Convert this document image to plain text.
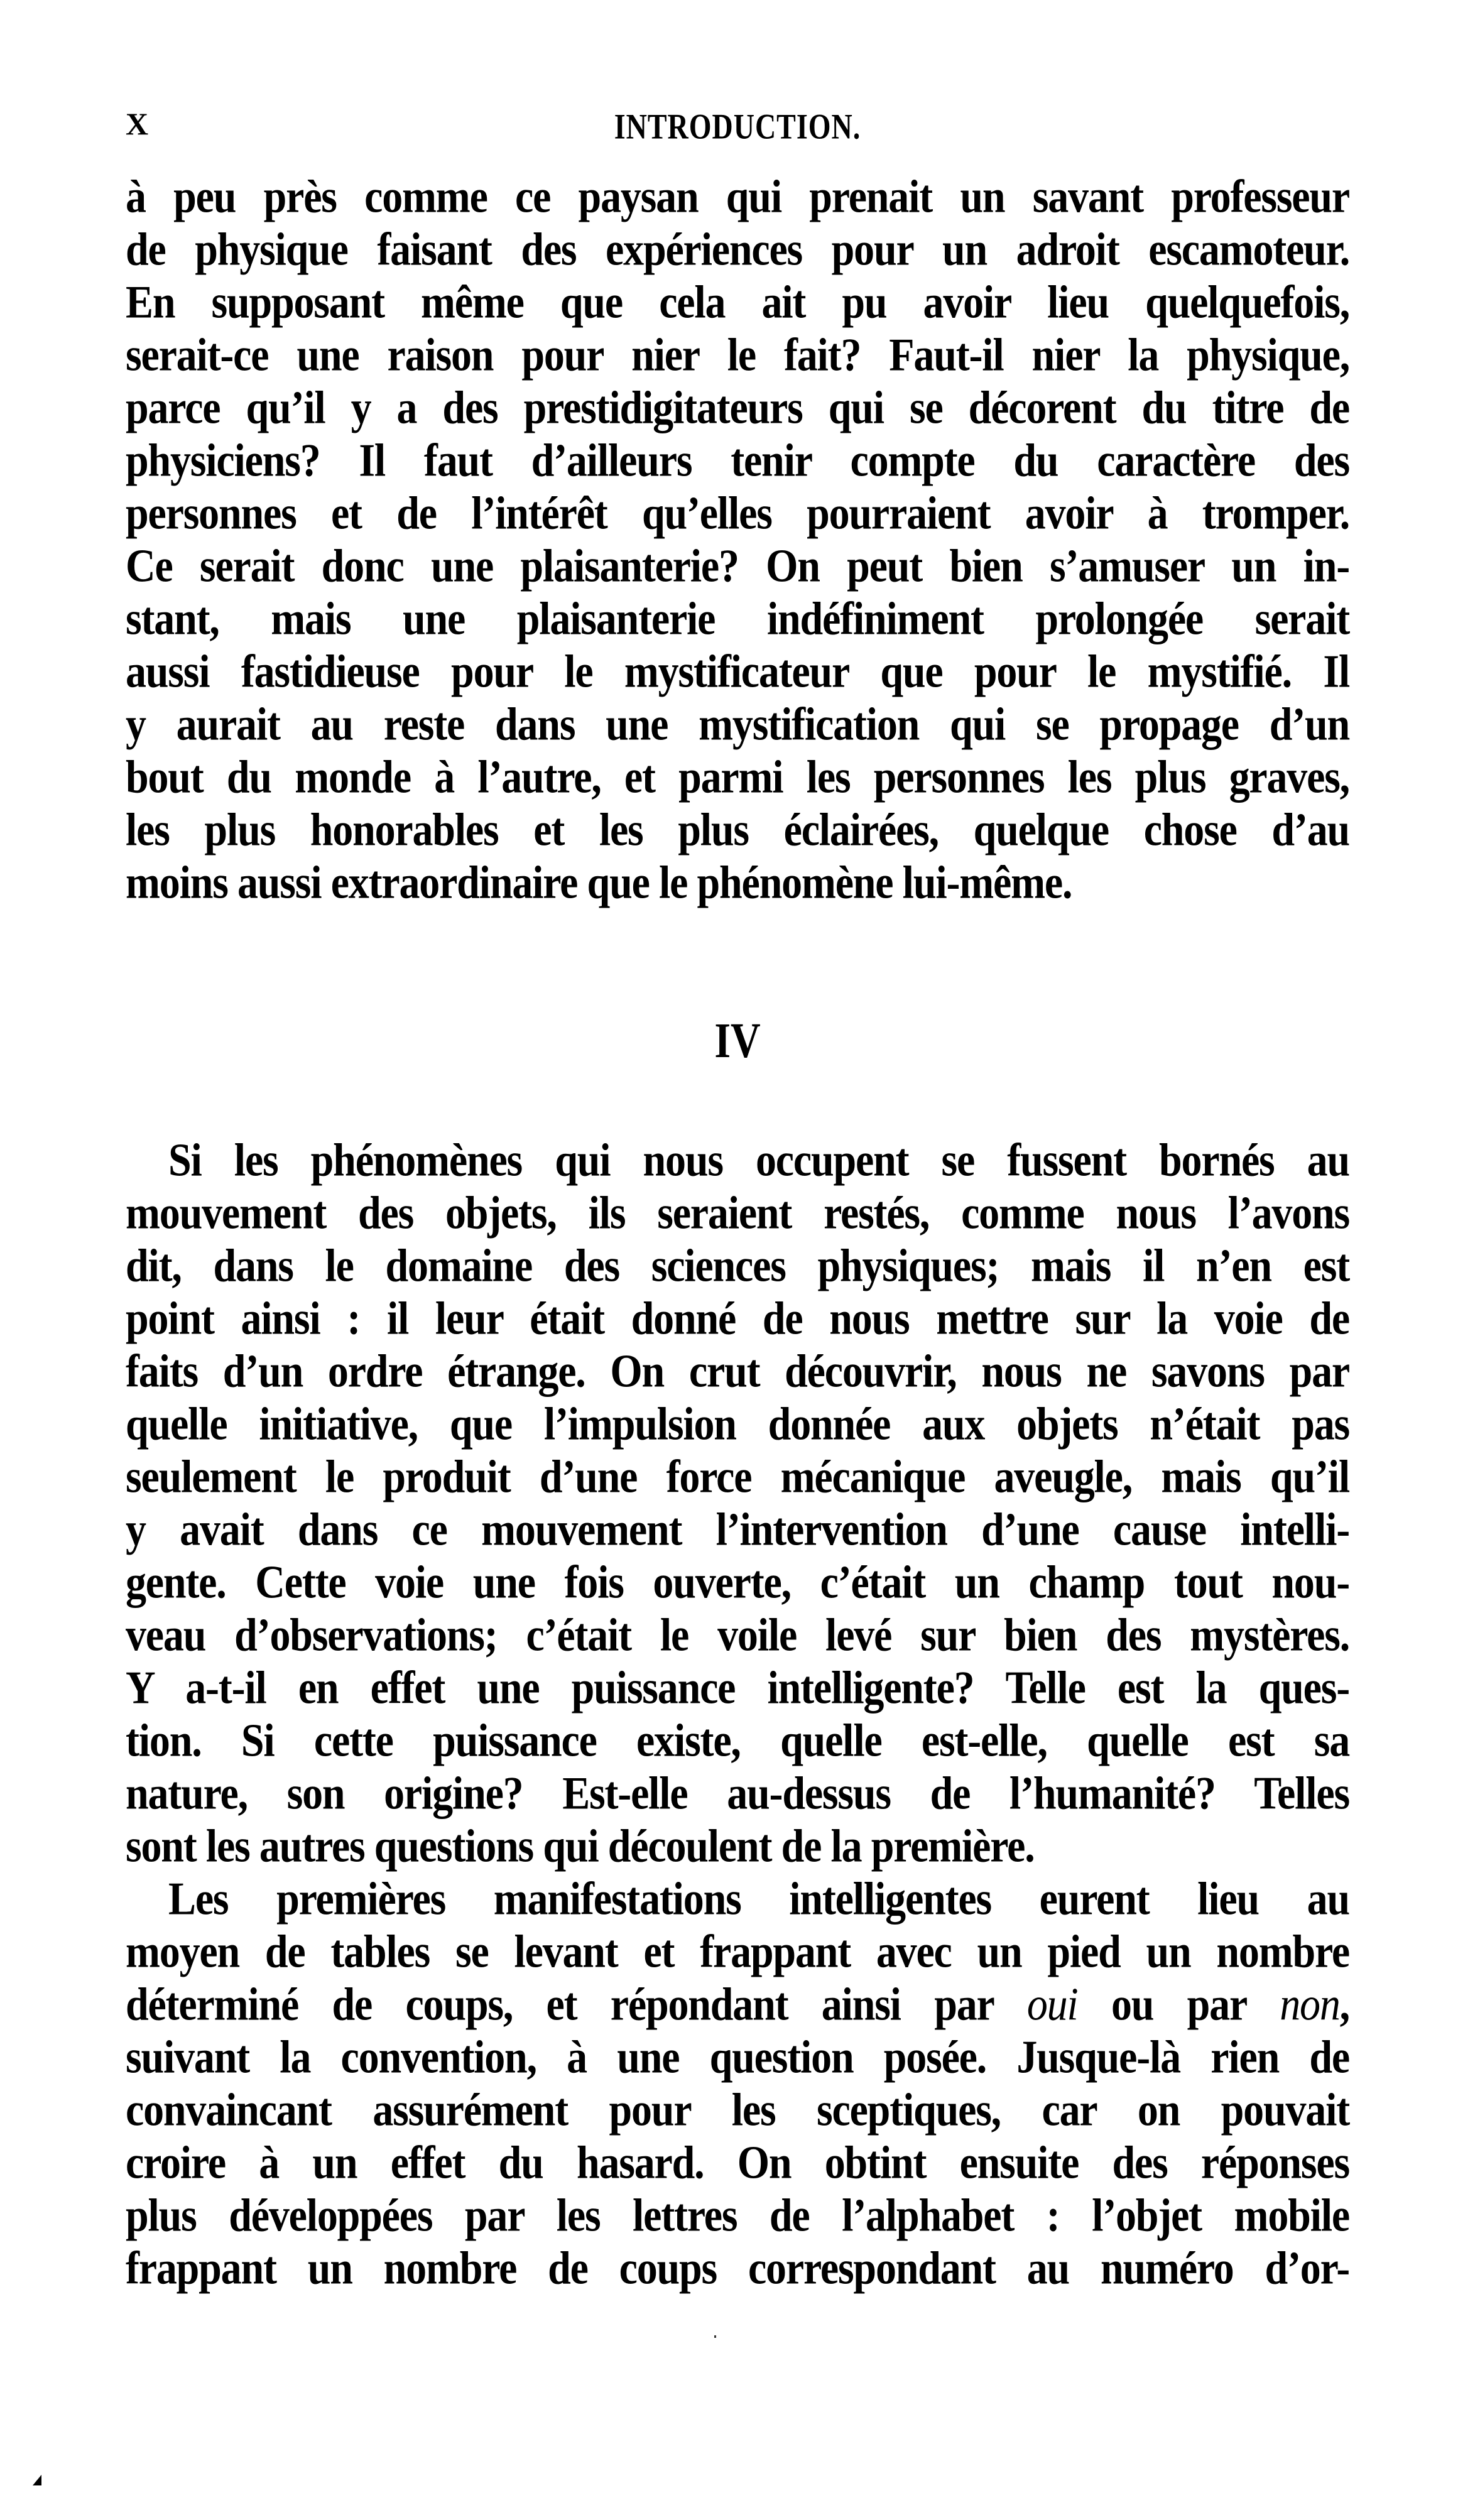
X	INTRODUCTION.
à peu près comme ce paysan qui prenait un savant professeur
de physique faisant des expériences pour un adroit escamoteur.
En supposant même que cela ait pu avoir lieu quelquefois,
serait-ce une raison pour nier le fait? Faut-il nier la physique,
parce qu’il y a des prestidigitateurs qui se décorent du titre de
physiciens? Il faut d’ailleurs tenir compte du caractère des
personnes et de l’intérêt qu’elles pourraient avoir à tromper.
Ce serait donc une plaisanterie? On peut bien s’amuser un in-
stant, mais une plaisanterie indéfiniment prolongée serait
aussi fastidieuse pour le mystificateur que pour le mystifié. Il
y aurait au reste dans une mystification qui se propage d’un
bout du monde à l’autre, et parmi les personnes les plus graves,
les plus honorables et les plus éclairées, quelque chose d’au
moins aussi extraordinaire que le phénomène lui-même.
IV
Si les phénomènes qui nous occupent se fussent bornés au
mouvement des objets, ils seraient restés, comme nous l’avons
dit, dans le domaine des sciences physiques; mais il n’en est
point ainsi : il leur était donné de nous mettre sur la voie de
faits d’un ordre étrange. On crut découvrir, nous ne savons par
quelle initiative, que l’impulsion donnée aux objets n’était pas
seulement le produit d’une force mécanique aveugle, mais qu’il
y avait dans ce mouvement l’intervention d’une cause intelli-
gente. Cette voie une fois ouverte, c’était un champ tout nou-
veau d’observations; c’était le voile levé sur bien des mystères.
Y a-t-il en effet une puissance intelligente? Telle est la ques-
tion. Si cette puissance existe, quelle est-elle, quelle est sa
nature, son origine? Est-elle au-dessus de l’humanité? Telles
sont les autres questions qui découlent de la première.
Les premières manifestations intelligentes eurent lieu au
moyen de tables se levant et frappant avec un pied un nombre
déterminé de coups, et répondant ainsi par oui ou par non,
suivant la convention, à une question posée. Jusque-là rien de
convaincant assurément pour les sceptiques, car on pouvait
croire à un effet du hasard. On obtint ensuite des réponses
plus développées par les lettres de l’alphabet : l’objet mobile
frappant un nombre de coups correspondant au numéro d’or-
